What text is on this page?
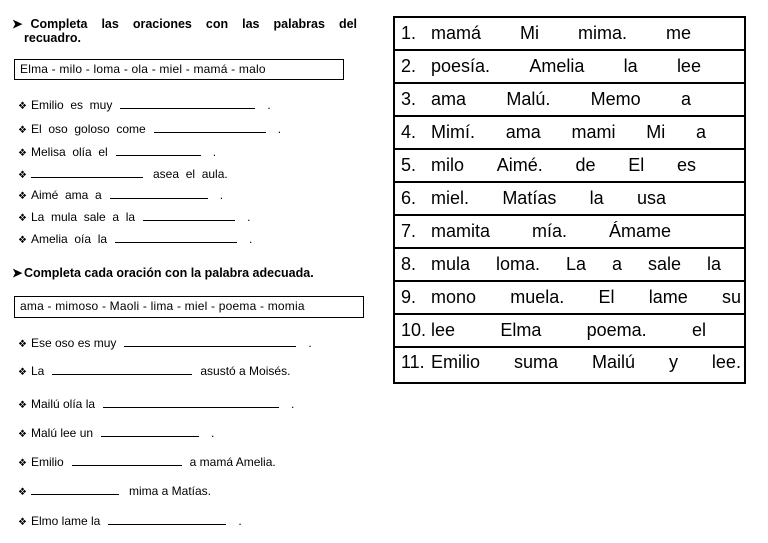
➤ Completa las oraciones con las palabras del
recuadro.
Elma - milo - loma - ola - miel - mamá - malo
❖ Emilio  es  muy	.
❖ El  oso  goloso  come	.
❖ Melisa  olía  el	.
❖	asea  el  aula.
❖ Aimé  ama  a	.
❖ La  mula  sale  a  la	.
❖ Amelia  oía  la	.
➤ Completa cada oración con la palabra adecuada.
ama - mimoso - Maoli - lima - miel - poema - momia
❖ Ese oso es muy	.
❖ La	asustó a Moisés.
❖ Mailú olía la	.
❖ Malú lee un	.
❖ Emilio	a mamá Amelia.
❖	mima a Matías.
❖ Elmo lame la	.
1. mamá Mi mima. me
2. poesía. Amelia la lee
3. ama Malú. Memo a
4. Mimí. ama mami Mi a
5. milo Aimé. de El es
6. miel. Matías la usa
7. mamita mía. Ámame
8. mula loma. La a sale la
9. mono muela. El lame su
10. lee	Elma	poema.	el
11. Emilio suma Mailú y lee.
